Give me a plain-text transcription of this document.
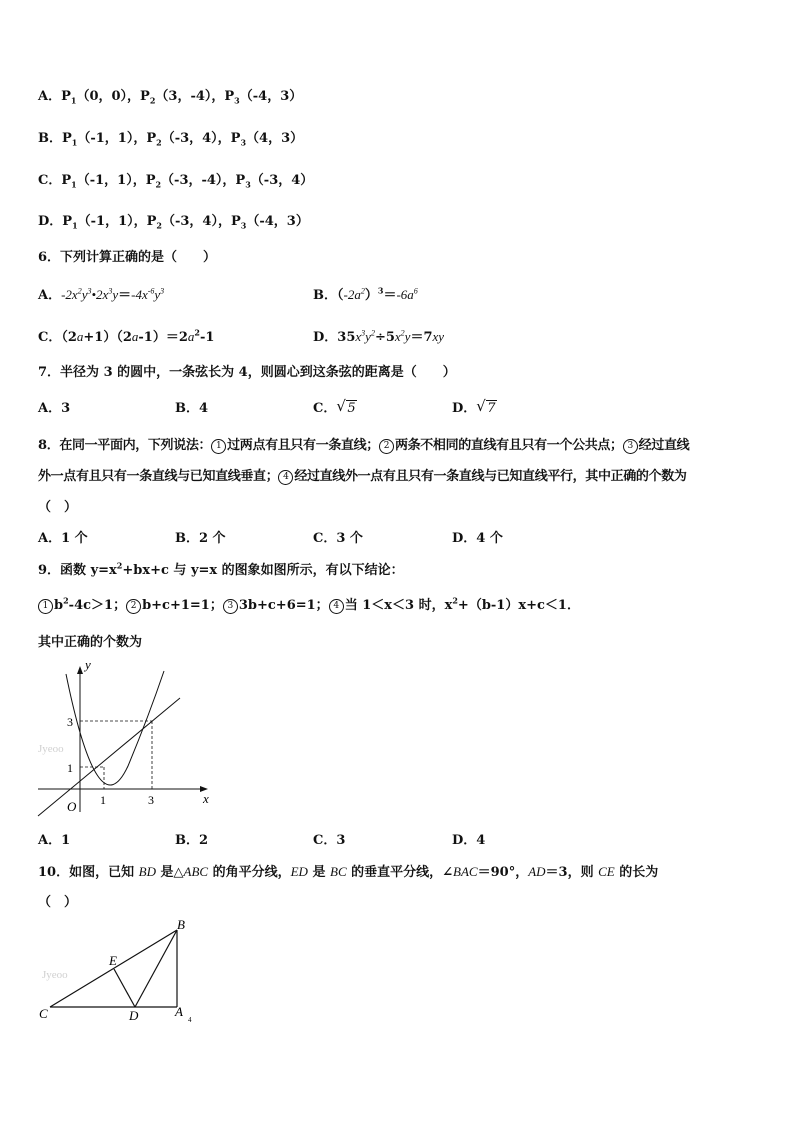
A．$P_1(0$，0），$P_2(3$，-4），$P_3(-4$，3）
B．$P_1(-1$，1），$P_2(-3$，4），$P_3(4$，3）
C．$P_1(-1$，1），$P_2(-3$，-4），$P_3(-3$，4）
D．$P_1(-1$，1），$P_2(-3$，4），$P_3(-4$，3）
6．下列计算正确的是（　　）
A．$-2x^2y^3•2x^3y=-4x^{-6}y^3$	B．$(-2a^2)^3=-6a^6$
C．$(2a+1)(2a-1)=2a^2-1$	D．$35x^3y^2\div 5x^2y=7xy$
7．半径为 3 的圆中，一条弦长为 4，则圆心到这条弦的距离是（　　）
A．3	B．4	C． √ 5	D． √ 7
8．在同一平面内，下列说法： 1 过两点有且只有一条直线； 2 两条不相同的直线有且只有一个公共点； 3 经过直线
外一点有且只有一条直线与已知直线垂直； 4 经过直线外一点有且只有一条直线与已知直线平行，其中正确的个数为
（　）
A．1 个	B．2 个	C．3 个	D．4 个
9．函数 $y=x^2+bx+c$ 与 y=x 的图象如图所示，有以下结论：
1 $b^2-4c>1$； 2 b+c+1=1； 3 3b+c+6=1； 4 当 1＜x＜3 时，$x^2+(b-1)x+c<1$．
其中正确的个数为
Jyeoo
y
x
O 1	3
1
3
A．1	B．2	C．3	D．4
10．如图，已知 BD 是△ABC 的角平分线，ED 是 BC 的垂直平分线，∠BAC＝90°，AD＝3，则 CE 的长为
（　）
Jyeoo
B
E
C	D	A
4
